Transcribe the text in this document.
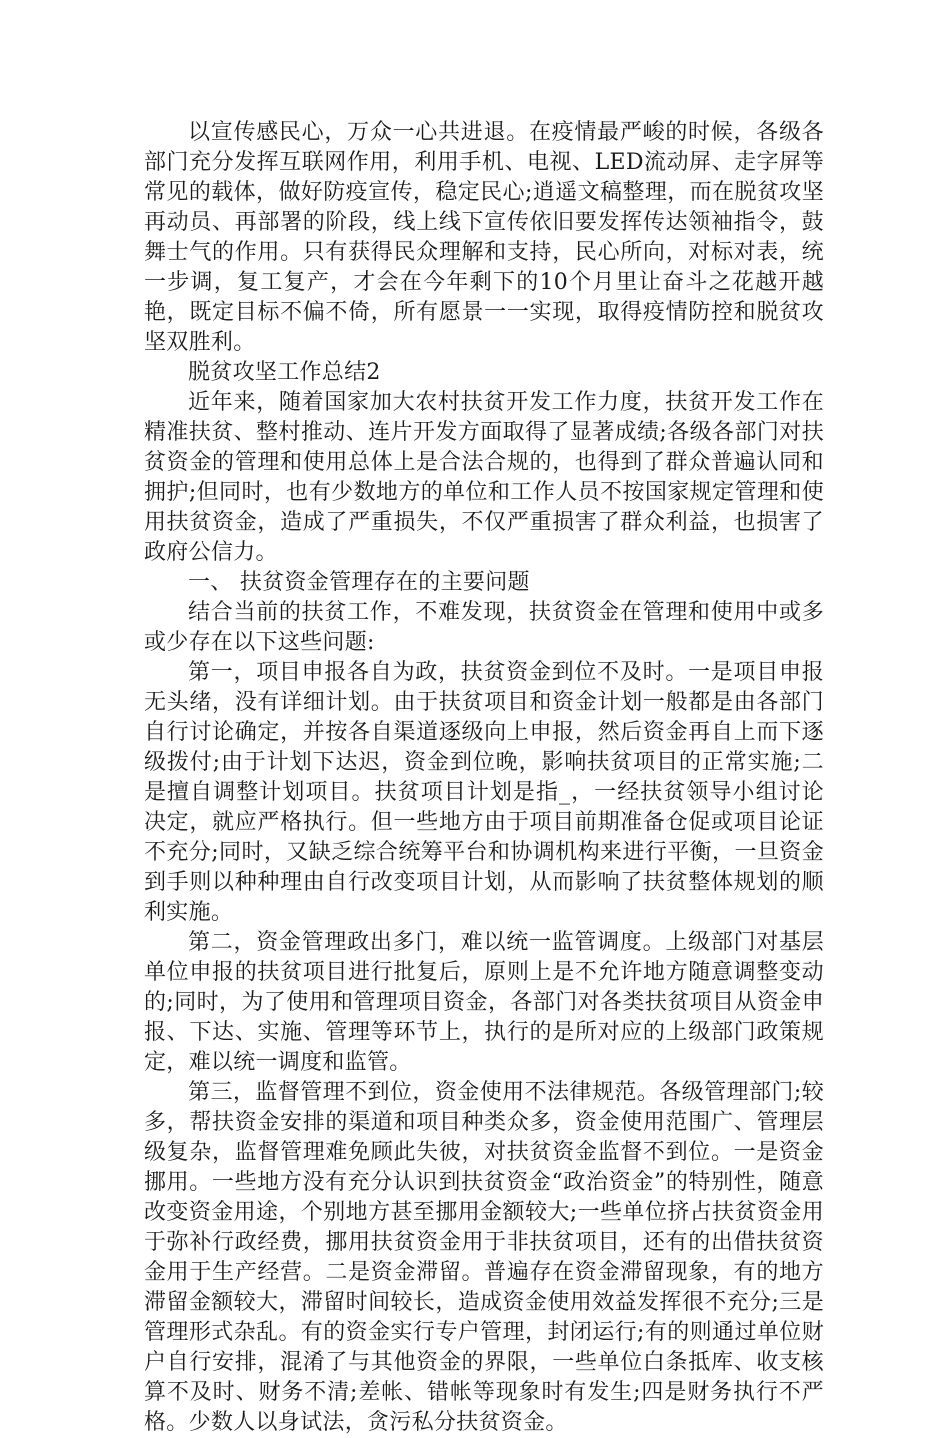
以宣传感民心，万众一心共进退。在疫情最严峻的时候，各级各部门充分发挥互联网作用，利用手机、电视、LED流动屏、走字屏等常见的载体，做好防疫宣传，稳定民心;逍遥文稿整理，而在脱贫攻坚再动员、再部署的阶段，线上线下宣传依旧要发挥传达领袖指令，鼓舞士气的作用。只有获得民众理解和支持，民心所向，对标对表，统一步调，复工复产，才会在今年剩下的10个月里让奋斗之花越开越艳，既定目标不偏不倚，所有愿景一一实现，取得疫情防控和脱贫攻坚双胜利。

脱贫攻坚工作总结2

近年来，随着国家加大农村扶贫开发工作力度，扶贫开发工作在精准扶贫、整村推动、连片开发方面取得了显著成绩;各级各部门对扶贫资金的管理和使用总体上是合法合规的，也得到了群众普遍认同和拥护;但同时，也有少数地方的单位和工作人员不按国家规定管理和使用扶贫资金，造成了严重损失，不仅严重损害了群众利益，也损害了政府公信力。

一、 扶贫资金管理存在的主要问题

结合当前的扶贫工作，不难发现，扶贫资金在管理和使用中或多或少存在以下这些问题:

第一，项目申报各自为政，扶贫资金到位不及时。一是项目申报无头绪，没有详细计划。由于扶贫项目和资金计划一般都是由各部门自行讨论确定，并按各自渠道逐级向上申报，然后资金再自上而下逐级拨付;由于计划下达迟，资金到位晚，影响扶贫项目的正常实施;二是擅自调整计划项目。扶贫项目计划是指_，一经扶贫领导小组讨论决定，就应严格执行。但一些地方由于项目前期准备仓促或项目论证不充分;同时，又缺乏综合统筹平台和协调机构来进行平衡，一旦资金到手则以种种理由自行改变项目计划，从而影响了扶贫整体规划的顺利实施。

第二，资金管理政出多门，难以统一监管调度。上级部门对基层单位申报的扶贫项目进行批复后，原则上是不允许地方随意调整变动的;同时，为了使用和管理项目资金，各部门对各类扶贫项目从资金申报、下达、实施、管理等环节上，执行的是所对应的上级部门政策规定，难以统一调度和监管。

第三，监督管理不到位，资金使用不法律规范。各级管理部门;较多，帮扶资金安排的渠道和项目种类众多，资金使用范围广、管理层级复杂，监督管理难免顾此失彼，对扶贫资金监督不到位。一是资金挪用。一些地方没有充分认识到扶贫资金“政治资金”的特别性，随意改变资金用途，个别地方甚至挪用金额较大;一些单位挤占扶贫资金用于弥补行政经费，挪用扶贫资金用于非扶贫项目，还有的出借扶贫资金用于生产经营。二是资金滞留。普遍存在资金滞留现象，有的地方滞留金额较大，滞留时间较长，造成资金使用效益发挥很不充分;三是管理形式杂乱。有的资金实行专户管理，封闭运行;有的则通过单位财户自行安排，混淆了与其他资金的界限，一些单位白条抵库、收支核算不及时、财务不清;差帐、错帐等现象时有发生;四是财务执行不严格。少数人以身试法，贪污私分扶贫资金。
